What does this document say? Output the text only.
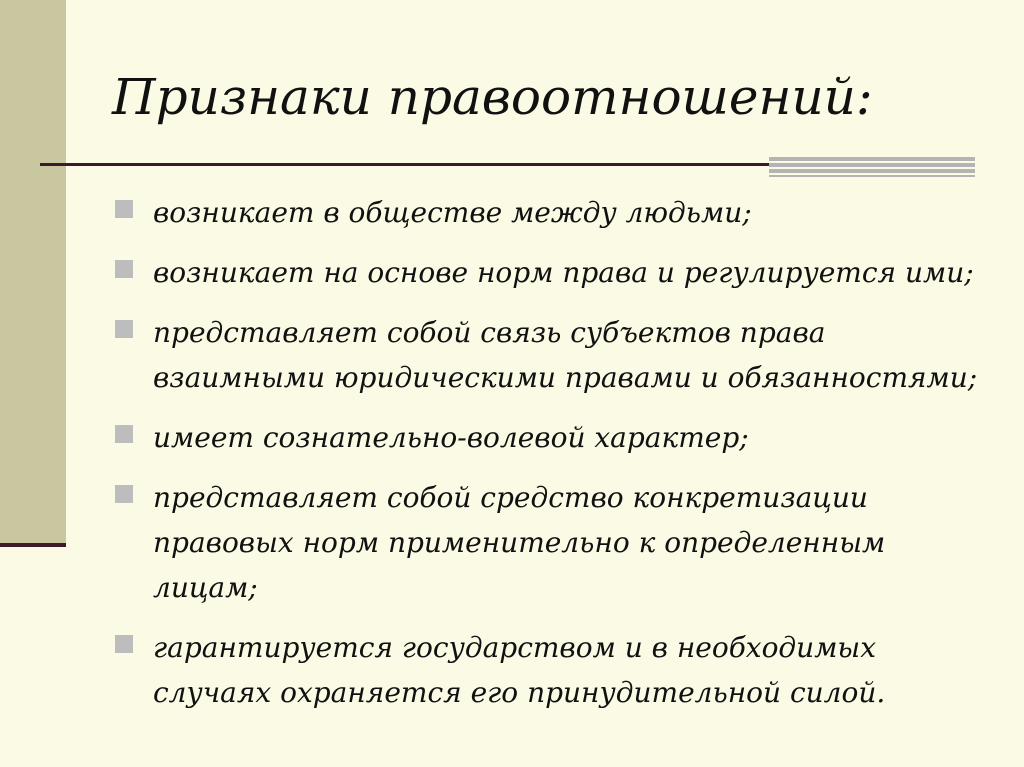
Признаки правоотношений:
возникает в обществе между людьми;
возникает на основе норм права и регулируется ими;
представляет собой связь субъектов права взаимными юридическими правами и обязанностями;
имеет сознательно-волевой характер;
представляет собой средство конкретизации правовых норм применительно к определенным лицам;
гарантируется государством и в необходимых случаях охраняется его принудительной силой.
